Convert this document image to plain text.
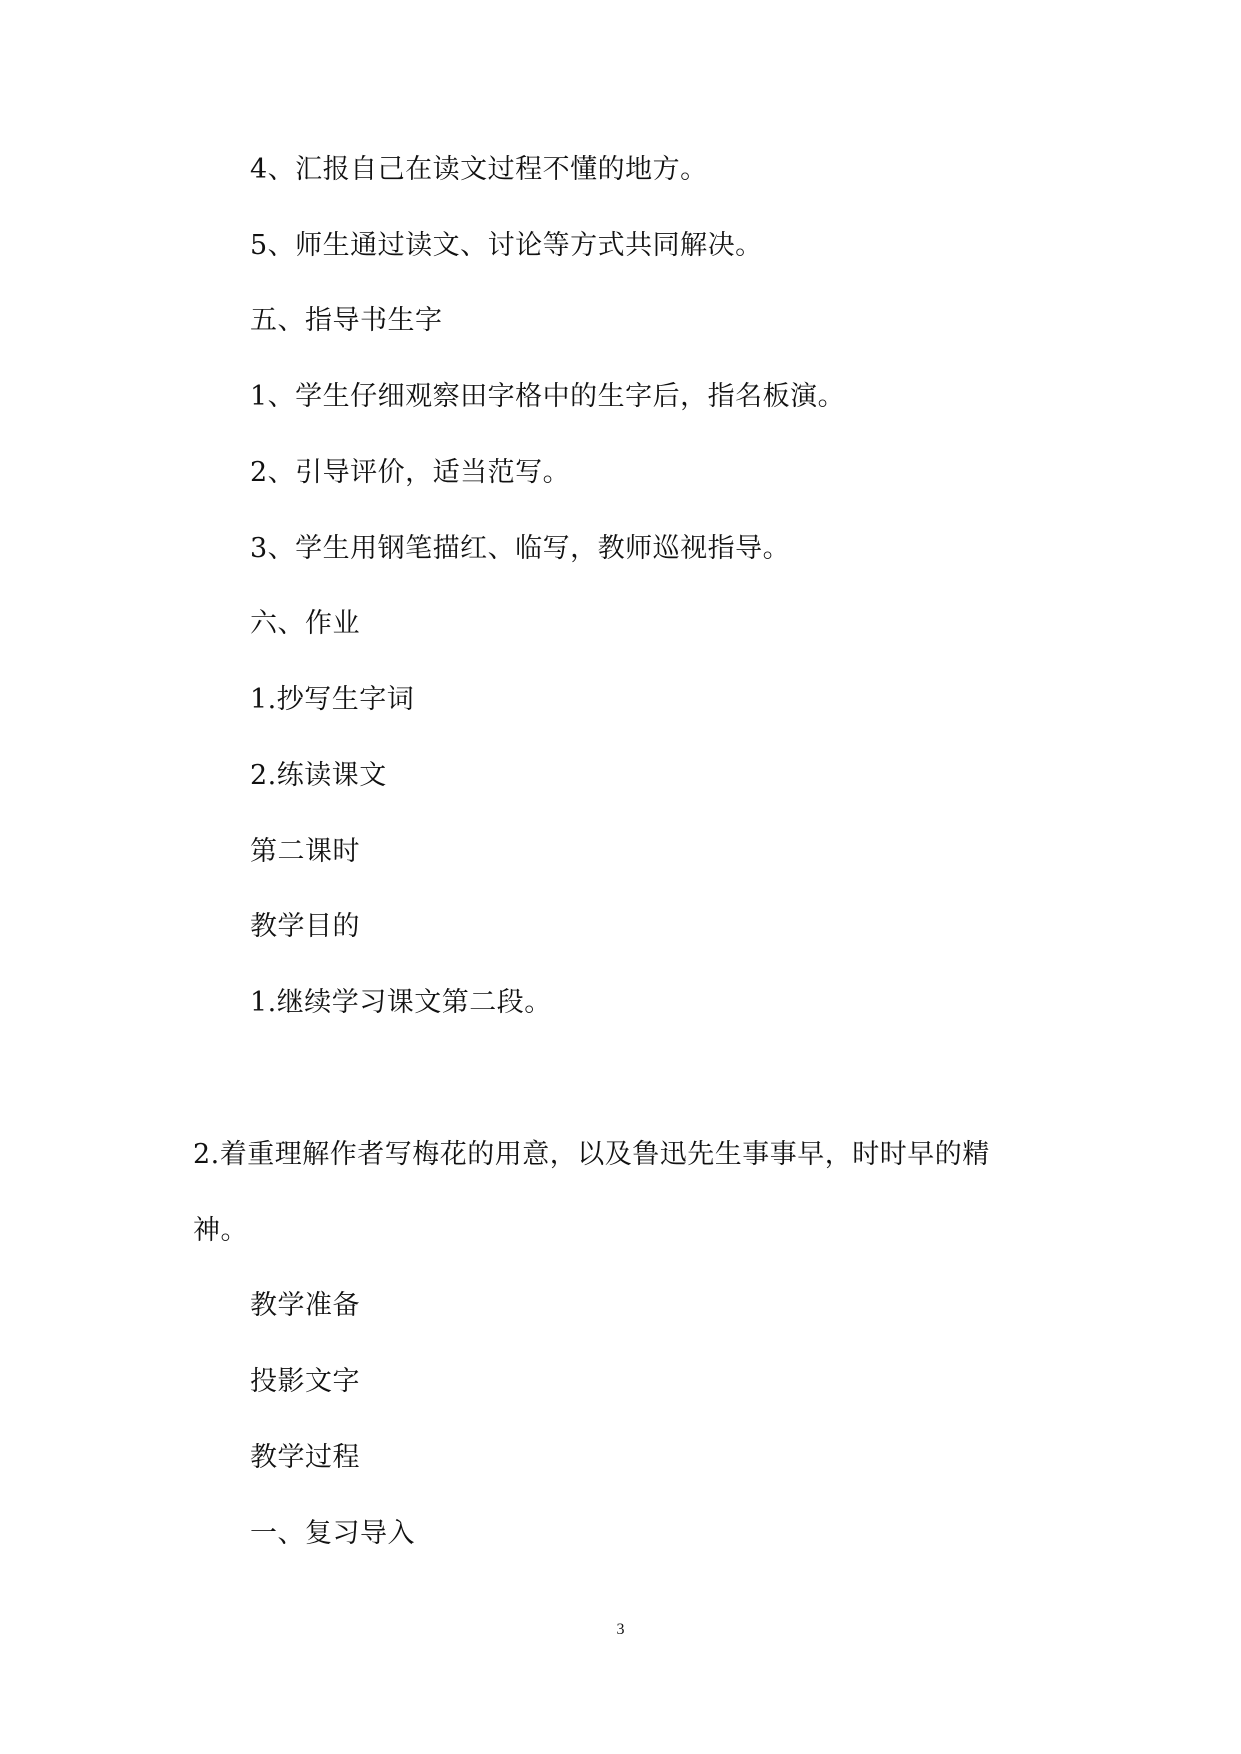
4、汇报自己在读文过程不懂的地方。
5、师生通过读文、讨论等方式共同解决。
五、指导书生字
1、学生仔细观察田字格中的生字后，指名板演。
2、引导评价，适当范写。
3、学生用钢笔描红、临写，教师巡视指导。
六、作业
1.抄写生字词
2.练读课文
第二课时
教学目的
1.继续学习课文第二段。
2.着重理解作者写梅花的用意，以及鲁迅先生事事早，时时早的精
神。
教学准备
投影文字
教学过程
一、复习导入
3
